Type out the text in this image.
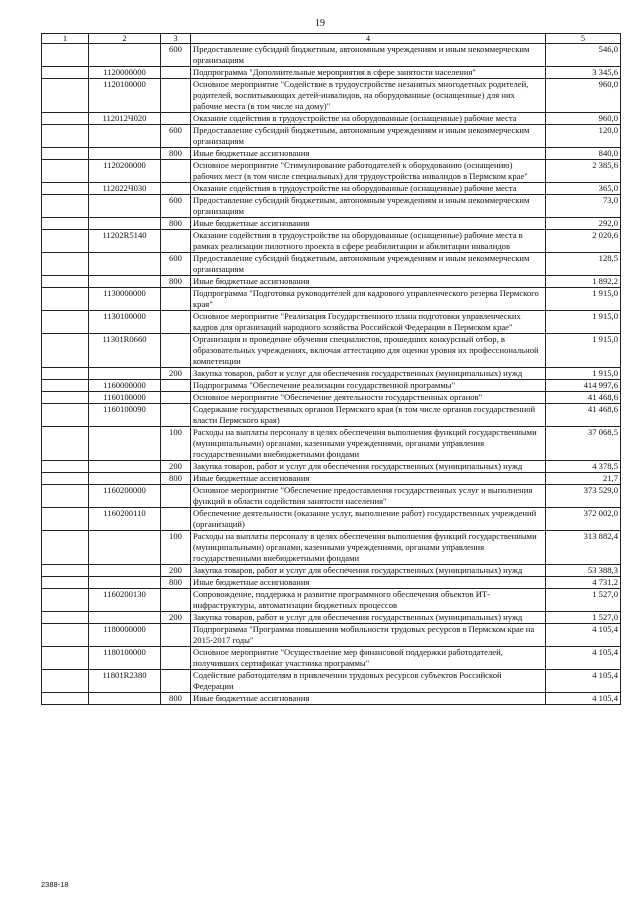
19
1	2	3	4	5
		600	Предоставление субсидий бюджетным, автономным учреждениям и иным некоммерческим организациям	546,0
	1120000000		Подпрограмма "Дополнительные мероприятия в сфере занятости населения"	3 345,6
	1120100000		Основное мероприятие "Содействие в трудоустройстве незанятых многодетных родителей, родителей, воспитывающих детей-инвалидов, на оборудованные (оснащенные) для них рабочие места (в том числе на дому)"	960,0
	112012Ч020		Оказание содействия в трудоустройстве на оборудованные (оснащенные) рабочие места	960,0
		600	Предоставление субсидий бюджетным, автономным учреждениям и иным некоммерческим организациям	120,0
		800	Иные бюджетные ассигнования	840,0
	1120200000		Основное мероприятие "Стимулирование работодателей к оборудованию (оснащению) рабочих мест (в том числе специальных) для трудоустройства инвалидов в Пермском крае"	2 385,6
	112022Ч030		Оказание содействия в трудоустройстве на оборудованные (оснащенные) рабочие места	365,0
		600	Предоставление субсидий бюджетным, автономным учреждениям и иным некоммерческим организациям	73,0
		800	Иные бюджетные ассигнования	292,0
	11202R5140		Оказание содействия в трудоустройстве на оборудованные (оснащенные) рабочие места в рамках реализации пилотного проекта в сфере реабилитации и абилитации инвалидов	2 020,6
		600	Предоставление субсидий бюджетным, автономным учреждениям и иным некоммерческим организациям	128,5
		800	Иные бюджетные ассигнования	1 892,2
	1130000000		Подпрограмма "Подготовка руководителей для кадрового управленческого резерва Пермского края"	1 915,0
	1130100000		Основное мероприятие "Реализация Государственного плана подготовки управленческих кадров для организаций народного хозяйства Российской Федерации в Пермском крае"	1 915,0
	11301R0660		Организация и проведение обучения специалистов, прошедших конкурсный отбор, в образовательных учреждениях, включая аттестацию для оценки уровня их профессиональной компетенции	1 915,0
		200	Закупка товаров, работ и услуг для обеспечения государственных (муниципальных) нужд	1 915,0
	1160000000		Подпрограмма "Обеспечение реализации государственной программы"	414 997,6
	1160100000		Основное мероприятие "Обеспечение деятельности государственных органов"	41 468,6
	1160100090		Содержание государственных органов Пермского края (в том числе органов государственной власти Пермского края)	41 468,6
		100	Расходы на выплаты персоналу в целях обеспечения выполнения функций государственными (муниципальными) органами, казенными учреждениями, органами управления государственными внебюджетными фондами	37 068,5
		200	Закупка товаров, работ и услуг для обеспечения государственных (муниципальных) нужд	4 378,5
		800	Иные бюджетные ассигнования	21,7
	1160200000		Основное мероприятие "Обеспечение предоставления государственных услуг и выполнения функций в области содействия занятости населения"	373 529,0
	1160200110		Обеспечение деятельности (оказание услуг, выполнение работ) государственных учреждений (организаций)	372 002,0
		100	Расходы на выплаты персоналу в целях обеспечения выполнения функций государственными (муниципальными) органами, казенными учреждениями, органами управления государственными внебюджетными фондами	313 882,4
		200	Закупка товаров, работ и услуг для обеспечения государственных (муниципальных) нужд	53 388,3
		800	Иные бюджетные ассигнования	4 731,2
	1160200130		Сопровождение, поддержка и развитие программного обеспечения объектов ИТ-инфраструктуры, автоматизации бюджетных процессов	1 527,0
		200	Закупка товаров, работ и услуг для обеспечения государственных (муниципальных) нужд	1 527,0
	1180000000		Подпрограмма "Программа повышения мобильности трудовых ресурсов в Пермском крае на 2015-2017 годы"	4 105,4
	1180100000		Основное мероприятие "Осуществление мер финансовой поддержки работодателей, получивших сертификат участника программы"	4 105,4
	11801R2380		Содействие работодателям в привлечении трудовых ресурсов субъектов Российской Федерации	4 105,4
		800	Иные бюджетные ассигнования	4 105,4
2388-18
